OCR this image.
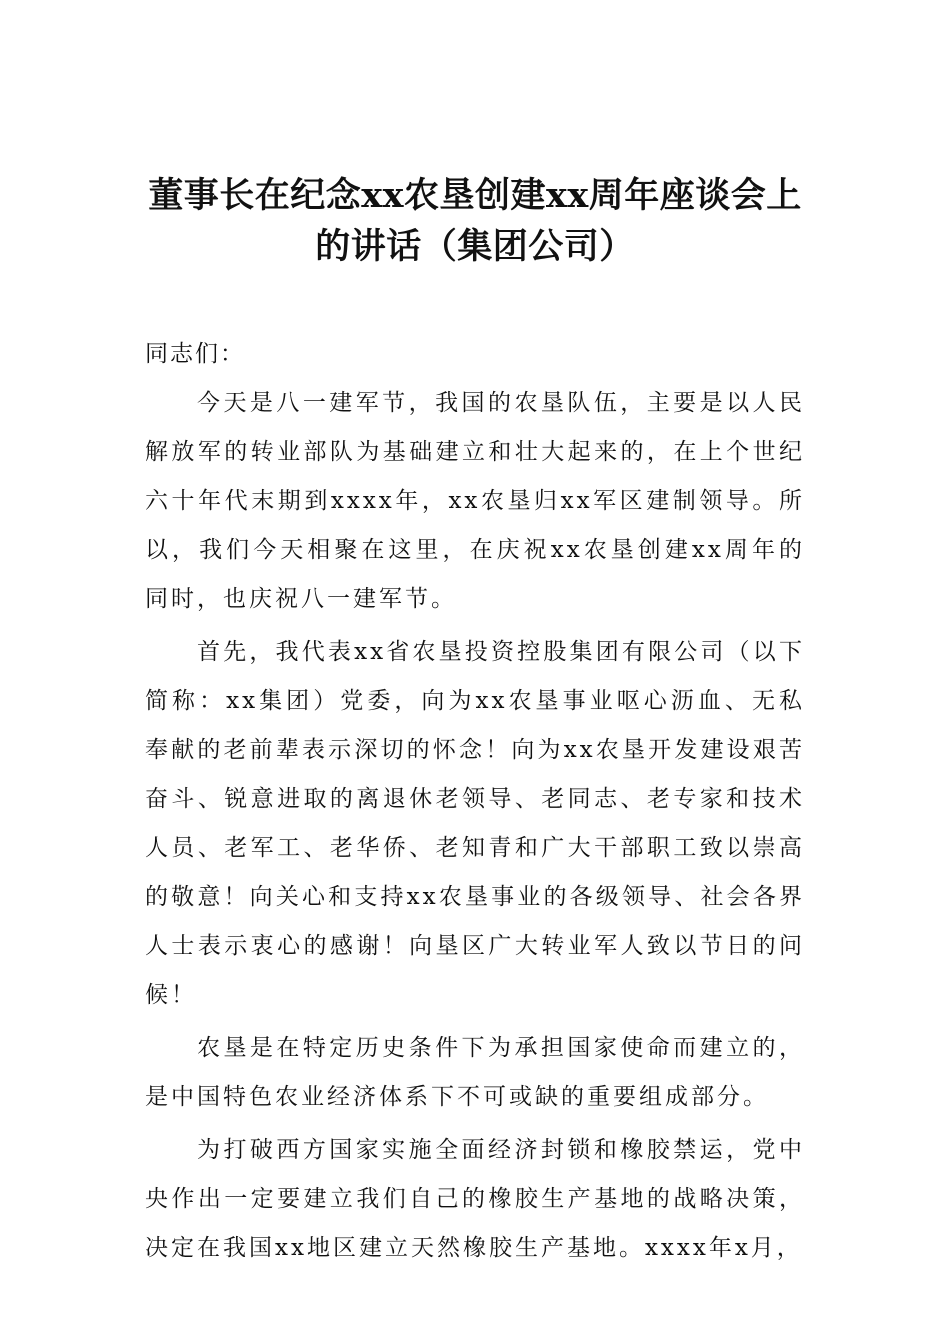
董事长在纪念xx农垦创建xx周年座谈会上的讲话（集团公司）

同志们：

今天是八一建军节，我国的农垦队伍，主要是以人民解放军的转业部队为基础建立和壮大起来的，在上个世纪六十年代末期到xxxx年，xx农垦归xx军区建制领导。所以，我们今天相聚在这里，在庆祝xx农垦创建xx周年的同时，也庆祝八一建军节。

首先，我代表xx省农垦投资控股集团有限公司（以下简称：xx集团）党委，向为xx农垦事业呕心沥血、无私奉献的老前辈表示深切的怀念！向为xx农垦开发建设艰苦奋斗、锐意进取的离退休老领导、老同志、老专家和技术人员、老军工、老华侨、老知青和广大干部职工致以崇高的敬意！向关心和支持xx农垦事业的各级领导、社会各界人士表示衷心的感谢！向垦区广大转业军人致以节日的问候！

农垦是在特定历史条件下为承担国家使命而建立的，是中国特色农业经济体系下不可或缺的重要组成部分。

为打破西方国家实施全面经济封锁和橡胶禁运，党中央作出一定要建立我们自己的橡胶生产基地的战略决策，决定在我国xx地区建立天然橡胶生产基地。xxxx年x月，
